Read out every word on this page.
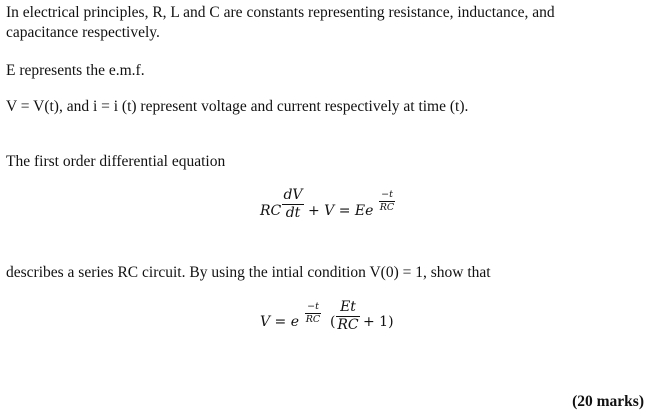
In electrical principles, R, L and C are constants representing resistance, inductance, and
capacitance respectively.
E represents the e.m.f.
V = V(t), and i = i (t) represent voltage and current respectively at time (t).
The first order differential equation
RC
dV
dt + V = Ee
−t
RC
describes a series RC circuit. By using the intial condition V(0) = 1, show that
V = e
−t
RC (
Et
RC + 1)
(20 marks)
